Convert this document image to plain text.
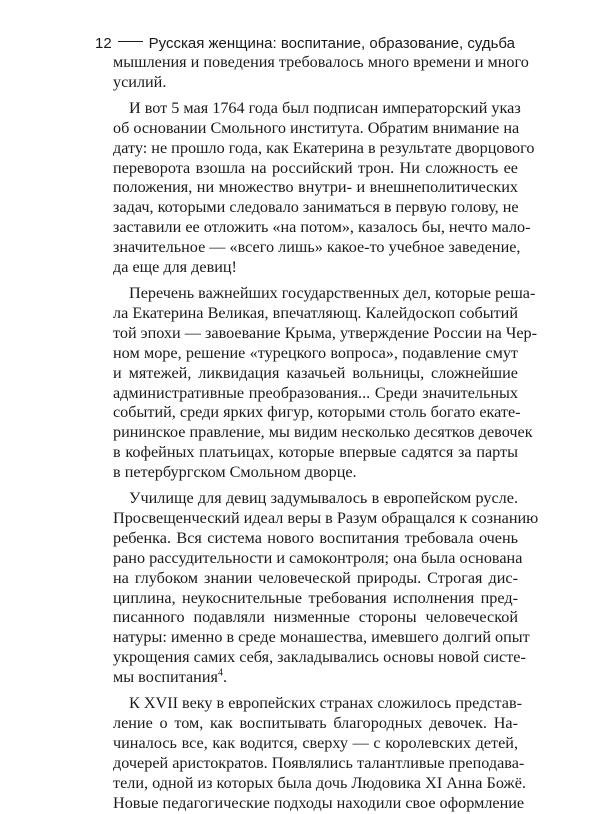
12 Русская женщина: воспитание, образование, судьба
мышления и поведения требовалось много времени и много
усилий.
И вот 5 мая 1764 года был подписан императорский указ
об основании Смольного института. Обратим внимание на
дату: не прошло года, как Екатерина в результате дворцового
переворота взошла на российский трон. Ни сложность ее
положения, ни множество внутри- и внешнеполитических
задач, которыми следовало заниматься в первую голову, не
заставили ее отложить «на потом», казалось бы, нечто мало-
значительное — «всего лишь» какое-то учебное заведение,
да еще для девиц!
Перечень важнейших государственных дел, которые реша-
ла Екатерина Великая, впечатляющ. Калейдоскоп событий
той эпохи — завоевание Крыма, утверждение России на Чер-
ном море, решение «турецкого вопроса», подавление смут
и мятежей, ликвидация казачьей вольницы, сложнейшие
административные преобразования... Среди значительных
событий, среди ярких фигур, которыми столь богато екате-
рининское правление, мы видим несколько десятков девочек
в кофейных платьицах, которые впервые садятся за парты
в петербургском Смольном дворце.
Училище для девиц задумывалось в европейском русле.
Просвещенческий идеал веры в Разум обращался к сознанию
ребенка. Вся система нового воспитания требовала очень
рано рассудительности и самоконтроля; она была основана
на глубоком знании человеческой природы. Строгая дис-
циплина, неукоснительные требования исполнения пред-
писанного подавляли низменные стороны человеческой
натуры: именно в среде монашества, имевшего долгий опыт
укрощения самих себя, закладывались основы новой систе-
мы воспитания$^4$.
К XVII веку в европейских странах сложилось представ-
ление о том, как воспитывать благородных девочек. На-
чиналось все, как водится, сверху — с королевских детей,
дочерей аристократов. Появлялись талантливые преподава-
тели, одной из которых была дочь Людовика XI Анна Божё.
Новые педагогические подходы находили свое оформление
